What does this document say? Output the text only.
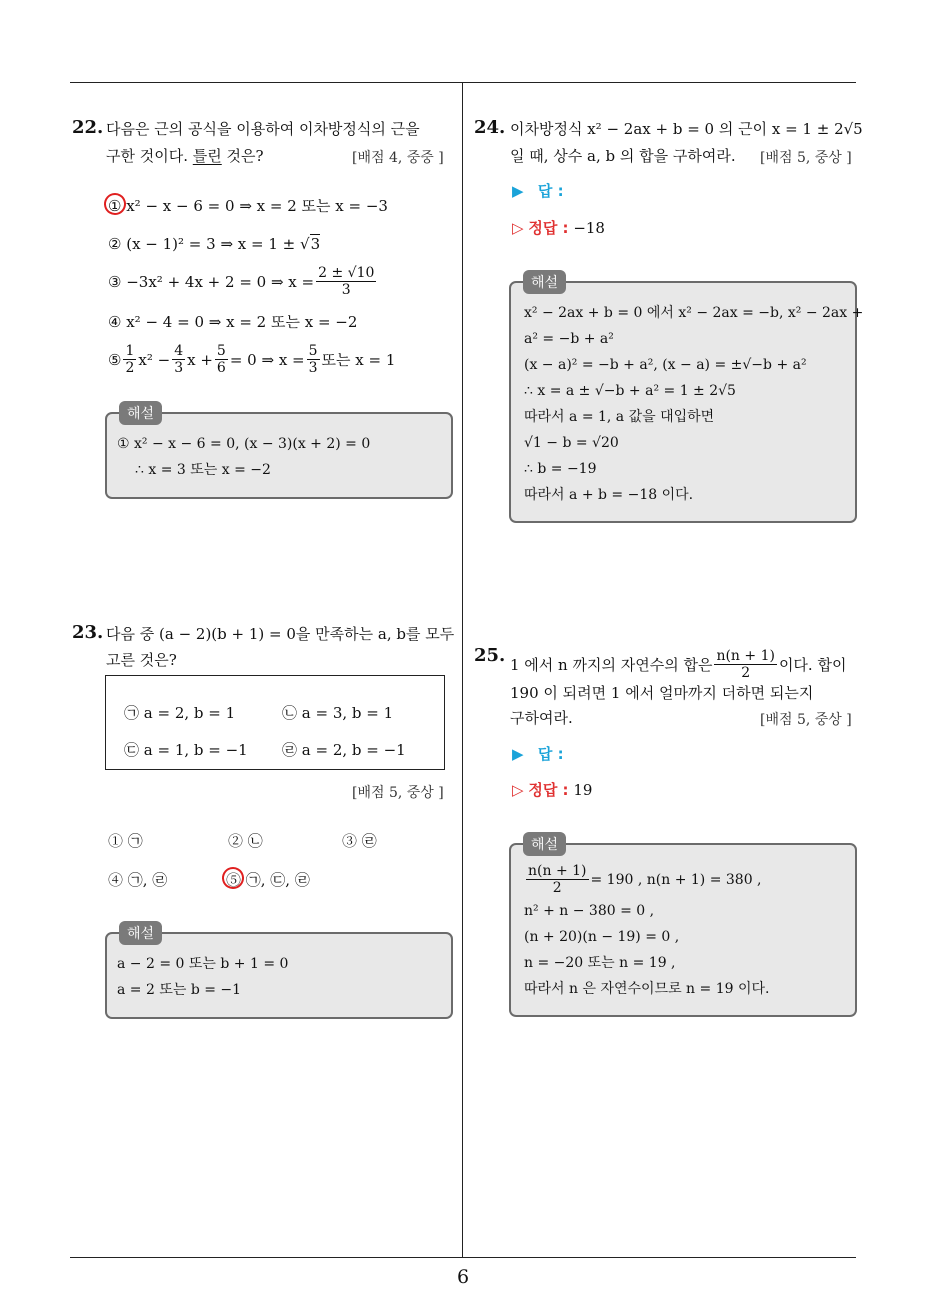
6
22. 다음은 근의 공식을 이용하여 이차방정식의 근을
구한 것이다. 틀린 것은?	[배점 4, 중중 ]
① x² − x − 6 = 0 ⇒ x = 2 또는 x = −3
② (x − 1)² = 3 ⇒ x = 1 ± √3
③ −3x² + 4x + 2 = 0 ⇒ $x = \frac{2 \pm √10}{3}$
④ x² − 4 = 0 ⇒ x = 2 또는 x = −2
⑤ $\frac{1}{2} x^2 - \frac{4}{3}$ $x + \frac{5}{6} = 0$ ⇒ $x = \frac{5}{3}$ 또는 x = 1
① x² − x − 6 = 0, (x − 3)(x + 2) = 0
∴ x = 3 또는 x = −2
해설
23. 다음 중 (a − 2)(b + 1) = 0을 만족하는 a, b를 모두
고른 것은?
㉠ a = 2, b = 1	㉡ a = 3, b = 1
㉢ a = 1, b = −1 ㉣ a = 2, b = −1
[배점 5, 중상 ]
① ㉠	② ㉡	③ ㉣
④ ㉠, ㉣	⑤ ㉠, ㉢, ㉣
a − 2 = 0 또는 b + 1 = 0
a = 2 또는 b = −1
해설
24. 이차방정식 x² − 2ax + b = 0 의 근이 x = 1 ± 2√5
일 때, 상수 a, b 의 합을 구하여라. [배점 5, 중상 ]
▶ 답 :
▷ 정답 : −18
x² − 2ax + b = 0 에서 x² − 2ax = −b, x² − 2ax +
a² = −b + a²
(x − a)² = −b + a², (x − a) = ±√−b + a²
∴ x = a ± √−b + a² = 1 ± 2√5
따라서 a = 1, a 값을 대입하면
√1 − b = √20
∴ b = −19
따라서 a + b = −18 이다.
해설
25. 1 에서 n 까지의 자연수의 합은 $\frac{n(n + 1)}{2}$ 이다. 합이
190 이 되려면 1 에서 얼마까지 더하면 되는지
구하여라.	[배점 5, 중상 ]
▶ 답 :
▷ 정답 : 19
$\frac{n(n + 1)}{2} = 190$ , n(n + 1) = 380 ,
n² + n − 380 = 0 ,
(n + 20)(n − 19) = 0 ,
n = −20 또는 n = 19 ,
따라서 n 은 자연수이므로 n = 19 이다.
해설
